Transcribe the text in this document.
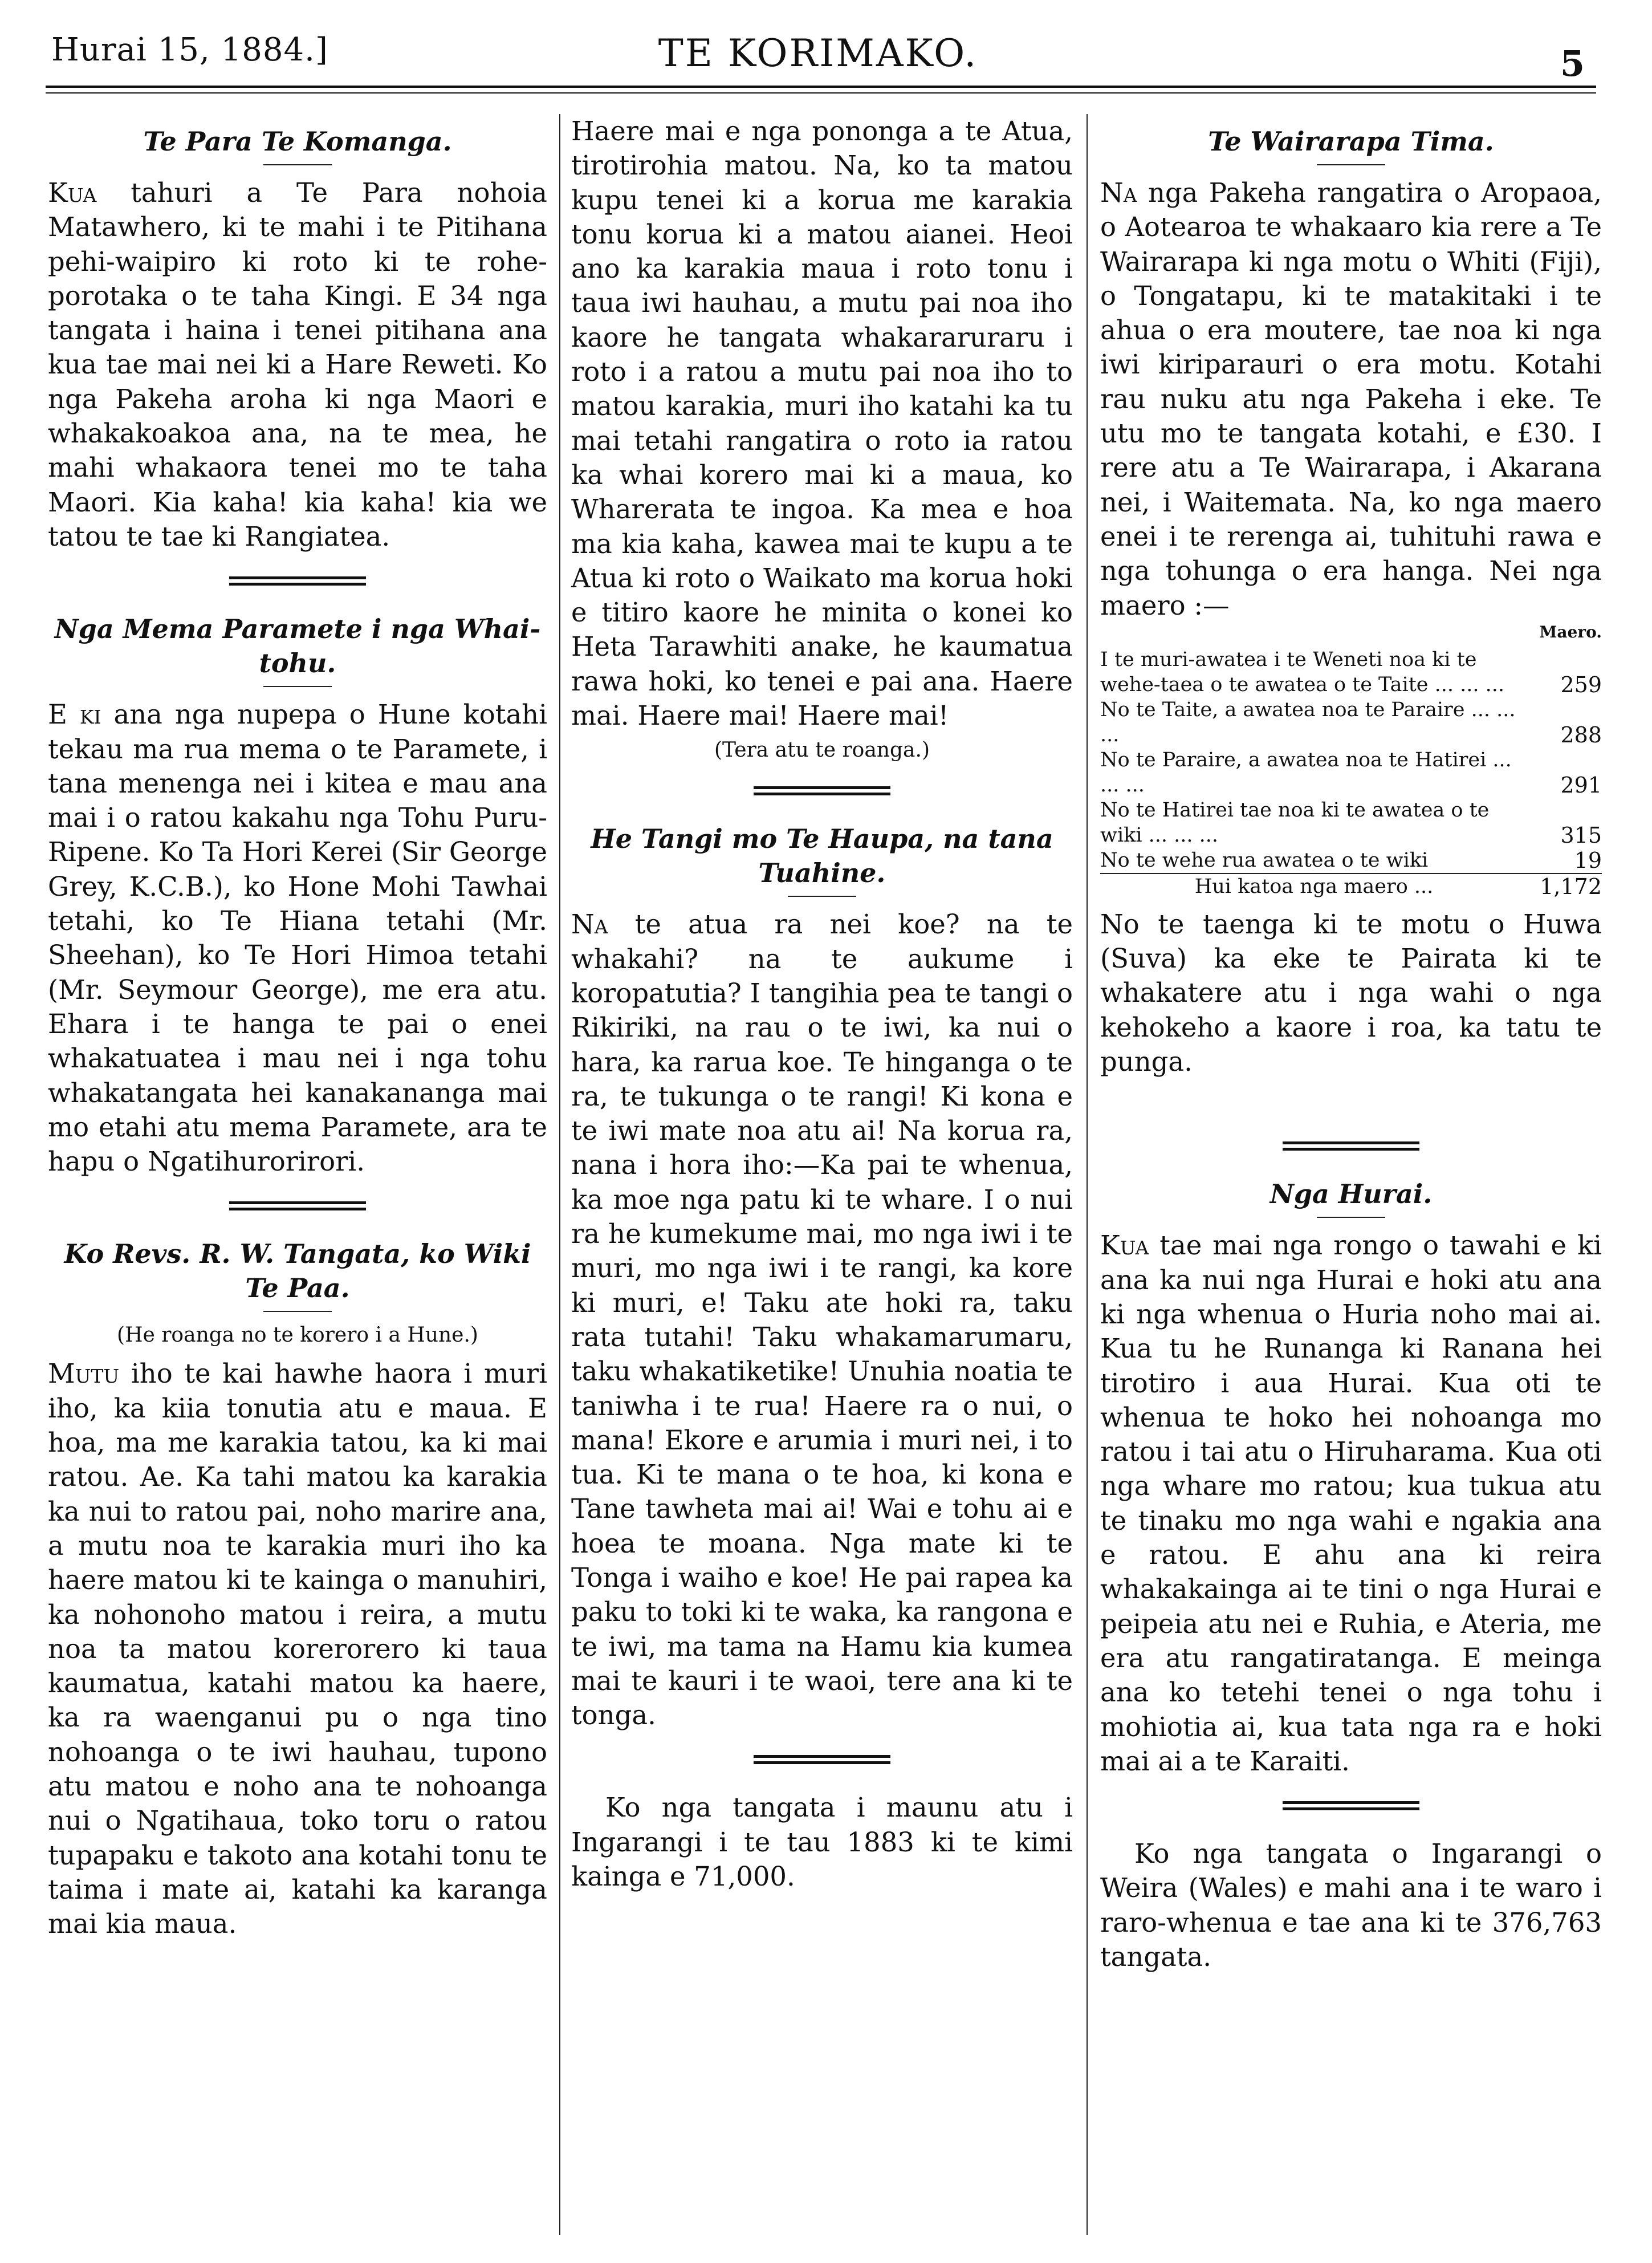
Hurai 15, 1884.]	TE KORIMAKO.	5
Te Para Te Komanga.

Kua tahuri a Te Para nohoia Matawhero, ki te mahi i te Pitihana pehi-waipiro ki roto ki te rohe-porotaka o te taha Kingi. E 34 nga tangata i haina i tenei pitihana ana kua tae mai nei ki a Hare Reweti. Ko nga Pakeha aroha ki nga Maori e whakakoakoa ana, na te mea, he mahi whakaora tenei mo te taha Maori. Kia kaha! kia kaha! kia we tatou te tae ki Rangiatea.

Nga Mema Paramete i nga Whai-tohu.

E ki ana nga nupepa o Hune kotahi tekau ma rua mema o te Paramete, i tana menenga nei i kitea e mau ana mai i o ratou kakahu nga Tohu Puru-Ripene. Ko Ta Hori Kerei (Sir George Grey, K.C.B.), ko Hone Mohi Tawhai tetahi, ko Te Hiana tetahi (Mr. Sheehan), ko Te Hori Himoa tetahi (Mr. Seymour George), me era atu. Ehara i te hanga te pai o enei whakatuatea i mau nei i nga tohu whakatangata hei kanakananga mai mo etahi atu mema Paramete, ara te hapu o Ngatihurorirori.

Ko Revs. R. W. Tangata, ko Wiki Te Paa.
(He roanga no te korero i a Hune.)

Mutu iho te kai hawhe haora i muri iho, ka kiia tonutia atu e maua. E hoa, ma me karakia tatou, ka ki mai ratou. Ae. Ka tahi matou ka karakia ka nui to ratou pai, noho marire ana, a mutu noa te karakia muri iho ka haere matou ki te kainga o manuhiri, ka nohonoho matou i reira, a mutu noa ta matou korerorero ki taua kaumatua, katahi matou ka haere, ka ra waenganui pu o nga tino nohoanga o te iwi hauhau, tupono atu matou e noho ana te nohoanga nui o Ngatihaua, toko toru o ratou tupapaku e takoto ana kotahi tonu te taima i mate ai, katahi ka karanga mai kia maua.

Haere mai e nga pononga a te Atua, tirotirohia matou. Na, ko ta matou kupu tenei ki a korua me karakia tonu korua ki a matou aianei. Heoi ano ka karakia maua i roto tonu i taua iwi hauhau, a mutu pai noa iho kaore he tangata whakararuraru i roto i a ratou a mutu pai noa iho to matou karakia, muri iho katahi ka tu mai tetahi rangatira o roto ia ratou ka whai korero mai ki a maua, ko Wharerata te ingoa. Ka mea e hoa ma kia kaha, kawea mai te kupu a te Atua ki roto o Waikato ma korua hoki e titiro kaore he minita o konei ko Heta Tarawhiti anake, he kaumatua rawa hoki, ko tenei e pai ana. Haere mai. Haere mai! Haere mai!

(Tera atu te roanga.)
He Tangi mo Te Haupa, na tana Tuahine.

Na te atua ra nei koe? na te whakahi? na te aukume i koropatutia? I tangihia pea te tangi o Rikiriki, na rau o te iwi, ka nui o hara, ka rarua koe. Te hinganga o te ra, te tukunga o te rangi! Ki kona e te iwi mate noa atu ai! Na korua ra, nana i hora iho:—Ka pai te whenua, ka moe nga patu ki te whare. I o nui ra he kumekume mai, mo nga iwi i te muri, mo nga iwi i te rangi, ka kore ki muri, e! Taku ate hoki ra, taku rata tutahi! Taku whakamarumaru, taku whakatiketike! Unuhia noatia te taniwha i te rua! Haere ra o nui, o mana! Ekore e arumia i muri nei, i to tua. Ki te mana o te hoa, ki kona e Tane tawheta mai ai! Wai e tohu ai e hoea te moana. Nga mate ki te Tonga i waiho e koe! He pai rapea ka paku to toki ki te waka, ka rangona e te iwi, ma tama na Hamu kia kumea mai te kauri i te waoi, tere ana ki te tonga.

Ko nga tangata i maunu atu i Ingarangi i te tau 1883 ki te kimi kainga e 71,000.

Te Wairarapa Tima.

Na nga Pakeha rangatira o Aropaoa, o Aotearoa te whakaaro kia rere a Te Wairarapa ki nga motu o Whiti (Fiji), o Tongatapu, ki te matakitaki i te ahua o era moutere, tae noa ki nga iwi kiriparauri o era motu. Kotahi rau nuku atu nga Pakeha i eke. Te utu mo te tangata kotahi, e £30. I rere atu a Te Wairarapa, i Akarana nei, i Waitemata. Na, ko nga maero enei i te rerenga ai, tuhituhi rawa e nga tohunga o era hanga. Nei nga maero :—

Maero.
I te muri-awatea i te Weneti noa ki te wehe-taea o te awatea o te Taite ... ... ...	259
No te Taite, a awatea noa te Paraire ... ... ...	288
No te Paraire, a awatea noa te Hatirei ... ... ...	291
No te Hatirei tae noa ki te awatea o te wiki ... ... ...	315
No te wehe rua awatea o te wiki	19
Hui katoa nga maero ...	1,172

No te taenga ki te motu o Huwa (Suva) ka eke te Pairata ki te whakatere atu i nga wahi o nga kehokeho a kaore i roa, ka tatu te punga.

Nga Hurai.

Kua tae mai nga rongo o tawahi e ki ana ka nui nga Hurai e hoki atu ana ki nga whenua o Huria noho mai ai. Kua tu he Runanga ki Ranana hei tirotiro i aua Hurai. Kua oti te whenua te hoko hei nohoanga mo ratou i tai atu o Hiruharama. Kua oti nga whare mo ratou; kua tukua atu te tinaku mo nga wahi e ngakia ana e ratou. E ahu ana ki reira whakakainga ai te tini o nga Hurai e peipeia atu nei e Ruhia, e Ateria, me era atu rangatiratanga. E meinga ana ko tetehi tenei o nga tohu i mohiotia ai, kua tata nga ra e hoki mai ai a te Karaiti.

Ko nga tangata o Ingarangi o Weira (Wales) e mahi ana i te waro i raro-whenua e tae ana ki te 376,763 tangata.
